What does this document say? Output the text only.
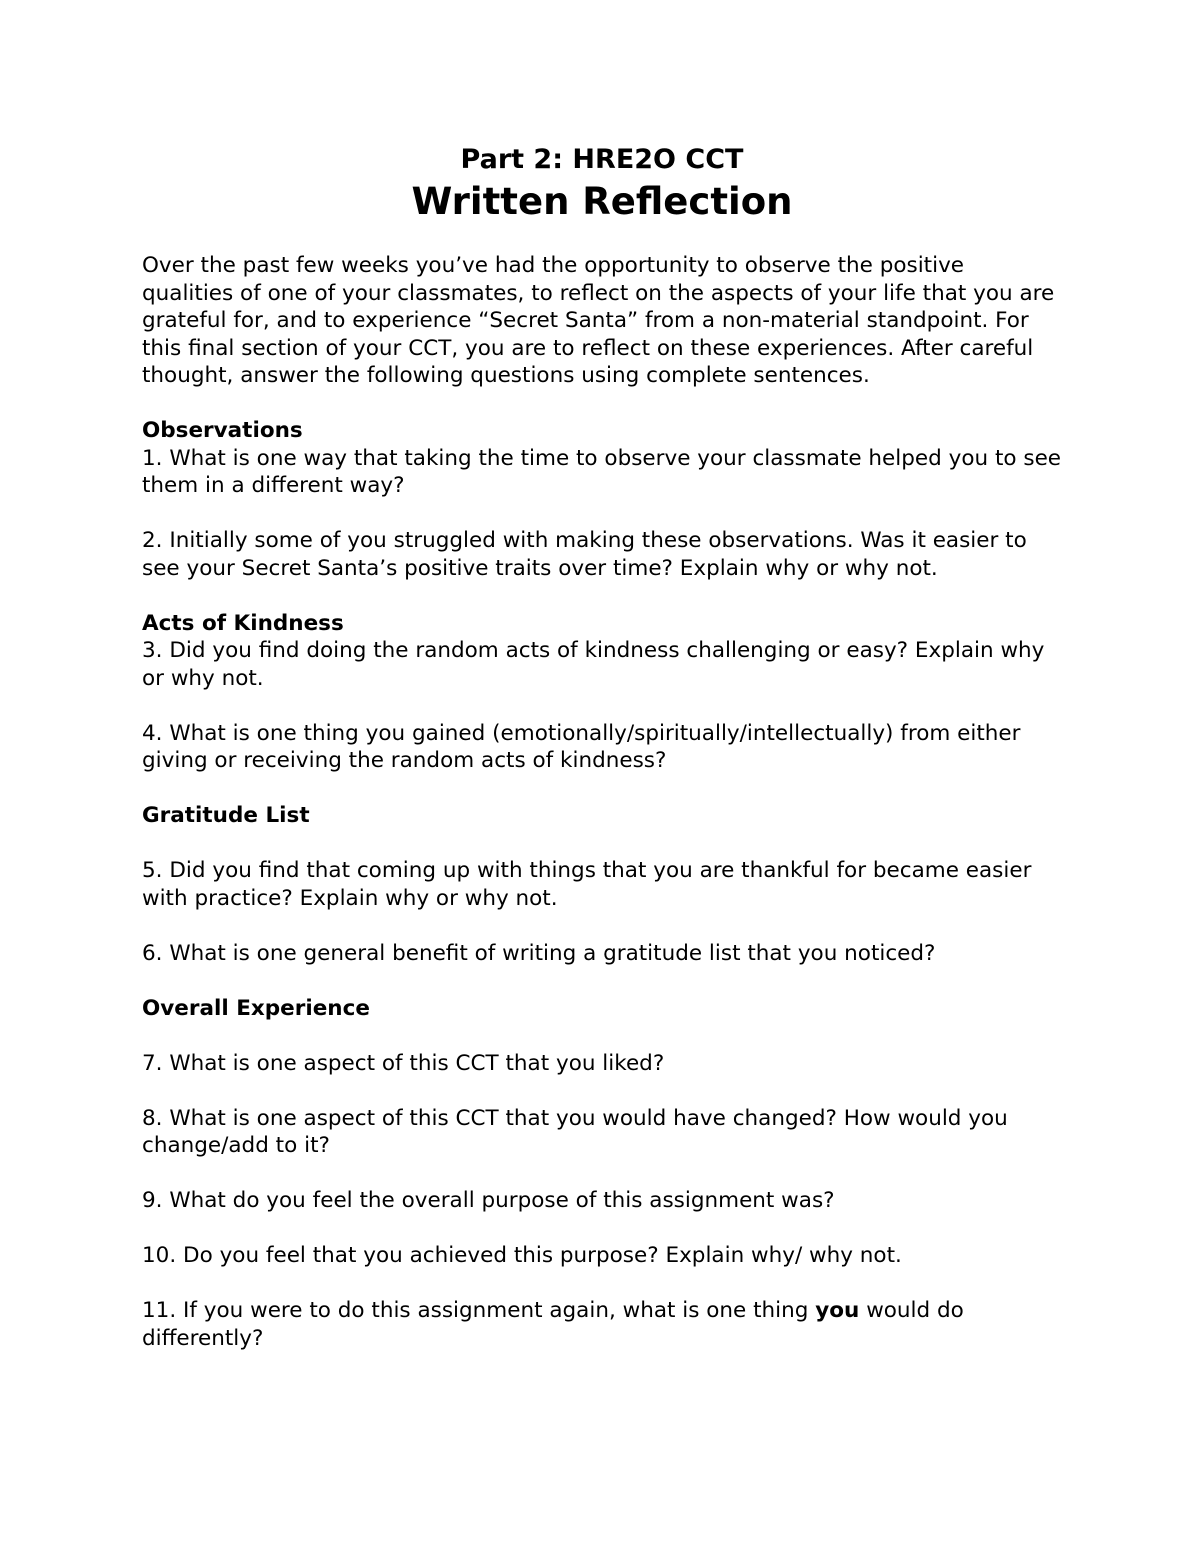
Part 2: HRE2O CCT
Written Reflection

Over the past few weeks you’ve had the opportunity to observe the positive qualities of one of your classmates, to reflect on the aspects of your life that you are grateful for, and to experience “Secret Santa” from a non-material standpoint. For this final section of your CCT, you are to reflect on these experiences. After careful thought, answer the following questions using complete sentences.

Observations

1. What is one way that taking the time to observe your classmate helped you to see them in a different way?

2. Initially some of you struggled with making these observations. Was it easier to see your Secret Santa’s positive traits over time? Explain why or why not.

Acts of Kindness

3. Did you find doing the random acts of kindness challenging or easy? Explain why or why not.

4. What is one thing you gained (emotionally/spiritually/intellectually) from either giving or receiving the random acts of kindness?

Gratitude List

5. Did you find that coming up with things that you are thankful for became easier with practice? Explain why or why not.

6. What is one general benefit of writing a gratitude list that you noticed?

Overall Experience

7. What is one aspect of this CCT that you liked?

8. What is one aspect of this CCT that you would have changed? How would you change/add to it?

9. What do you feel the overall purpose of this assignment was?

10. Do you feel that you achieved this purpose? Explain why/ why not.

11. If you were to do this assignment again, what is one thing you would do differently?
